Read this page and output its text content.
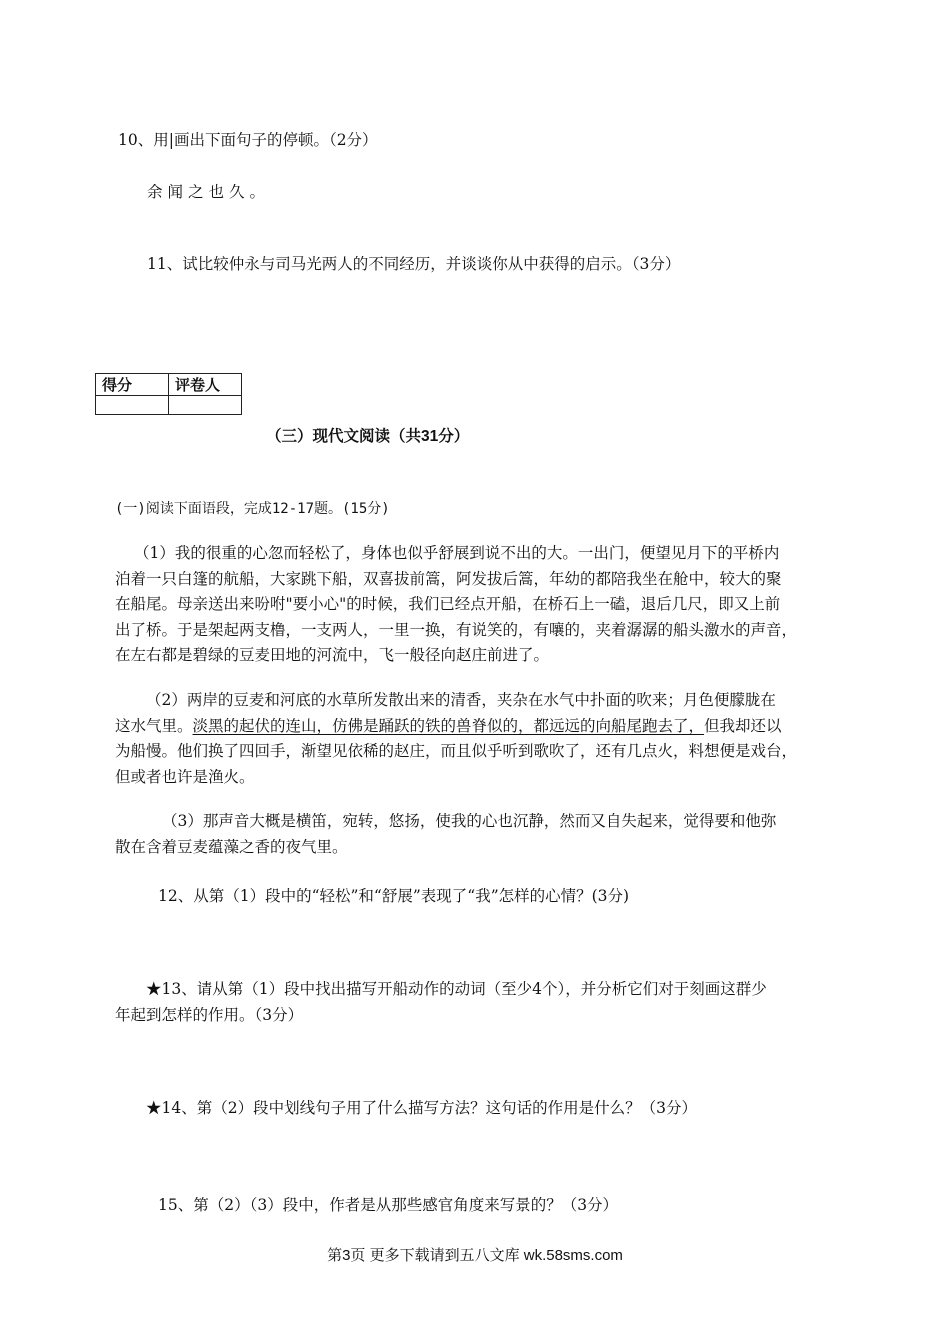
10、用|画出下面句子的停顿。（2分）
余闻之也久。
11、试比较仲永与司马光两人的不同经历，并谈谈你从中获得的启示。（3分）
得分	评卷人

（三）现代文阅读（共31分）
(一)阅读下面语段，完成12-17题。(15分)
（1）我的很重的心忽而轻松了，身体也似乎舒展到说不出的大。一出门，便望见月下的平桥内
泊着一只白篷的航船，大家跳下船，双喜拔前篙，阿发拔后篙，年幼的都陪我坐在舱中，较大的聚
在船尾。母亲送出来吩咐"要小心"的时候，我们已经点开船，在桥石上一磕，退后几尺，即又上前
出了桥。于是架起两支橹，一支两人，一里一换，有说笑的，有嚷的，夹着潺潺的船头激水的声音，
在左右都是碧绿的豆麦田地的河流中，飞一般径向赵庄前进了。
（2）两岸的豆麦和河底的水草所发散出来的清香，夹杂在水气中扑面的吹来；月色便朦胧在
这水气里。淡黑的起伏的连山，仿佛是踊跃的铁的兽脊似的，都远远的向船尾跑去了，但我却还以
为船慢。他们换了四回手，渐望见依稀的赵庄，而且似乎听到歌吹了，还有几点火，料想便是戏台，
但或者也许是渔火。
（3）那声音大概是横笛，宛转，悠扬，使我的心也沉静，然而又自失起来，觉得要和他弥
散在含着豆麦蕴藻之香的夜气里。
12、从第（1）段中的“轻松”和“舒展”表现了“我”怎样的心情？(3分)
★13、请从第（1）段中找出描写开船动作的动词（至少4个），并分析它们对于刻画这群少
年起到怎样的作用。（3分）
★14、第（2）段中划线句子用了什么描写方法？这句话的作用是什么？（3分）
15、第（2）（3）段中，作者是从那些感官角度来写景的？（3分）
第3页 更多下载请到五八文库 wk.58sms.com
